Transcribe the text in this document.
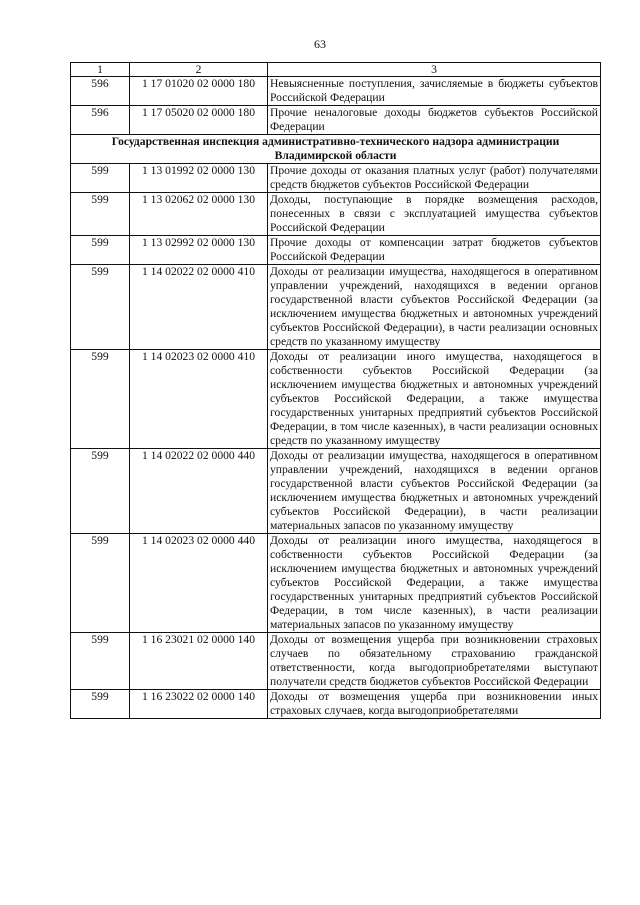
63
1	2	3
596	1 17 01020 02 0000 180	Невыясненные поступления, зачисляемые в бюджеты субъектов Российской Федерации
596	1 17 05020 02 0000 180	Прочие неналоговые доходы бюджетов субъектов Российской Федерации
Государственная инспекция административно-технического надзора администрации Владимирской области		
599	1 13 01992 02 0000 130	Прочие доходы от оказания платных услуг (работ) получателями средств бюджетов субъектов Российской Федерации
599	1 13 02062 02 0000 130	Доходы, поступающие в порядке возмещения расходов, понесенных в связи с эксплуатацией имущества субъектов Российской Федерации
599	1 13 02992 02 0000 130	Прочие доходы от компенсации затрат бюджетов субъектов Российской Федерации
599	1 14 02022 02 0000 410	Доходы от реализации имущества, находящегося в оперативном управлении учреждений, находящихся в ведении органов государственной власти субъектов Российской Федерации (за исключением имущества бюджетных и автономных учреждений субъектов Российской Федерации), в части реализации основных средств по указанному имуществу
599	1 14 02023 02 0000 410	Доходы от реализации иного имущества, находящегося в собственности субъектов Российской Федерации (за исключением имущества бюджетных и автономных учреждений субъектов Российской Федерации, а также имущества государственных унитарных предприятий субъектов Российской Федерации, в том числе казенных), в части реализации основных средств по указанному имуществу
599	1 14 02022 02 0000 440	Доходы от реализации имущества, находящегося в оперативном управлении учреждений, находящихся в ведении органов государственной власти субъектов Российской Федерации (за исключением имущества бюджетных и автономных учреждений субъектов Российской Федерации), в части реализации материальных запасов по указанному имуществу
599	1 14 02023 02 0000 440	Доходы от реализации иного имущества, находящегося в собственности субъектов Российской Федерации (за исключением имущества бюджетных и автономных учреждений субъектов Российской Федерации, а также имущества государственных унитарных предприятий субъектов Российской Федерации, в том числе казенных), в части реализации материальных запасов по указанному имуществу
599	1 16 23021 02 0000 140	Доходы от возмещения ущерба при возникновении страховых случаев по обязательному страхованию гражданской ответственности, когда выгодоприобретателями выступают получатели средств бюджетов субъектов Российской Федерации
599	1 16 23022 02 0000 140	Доходы от возмещения ущерба при возникновении иных страховых случаев, когда выгодоприобретателями
